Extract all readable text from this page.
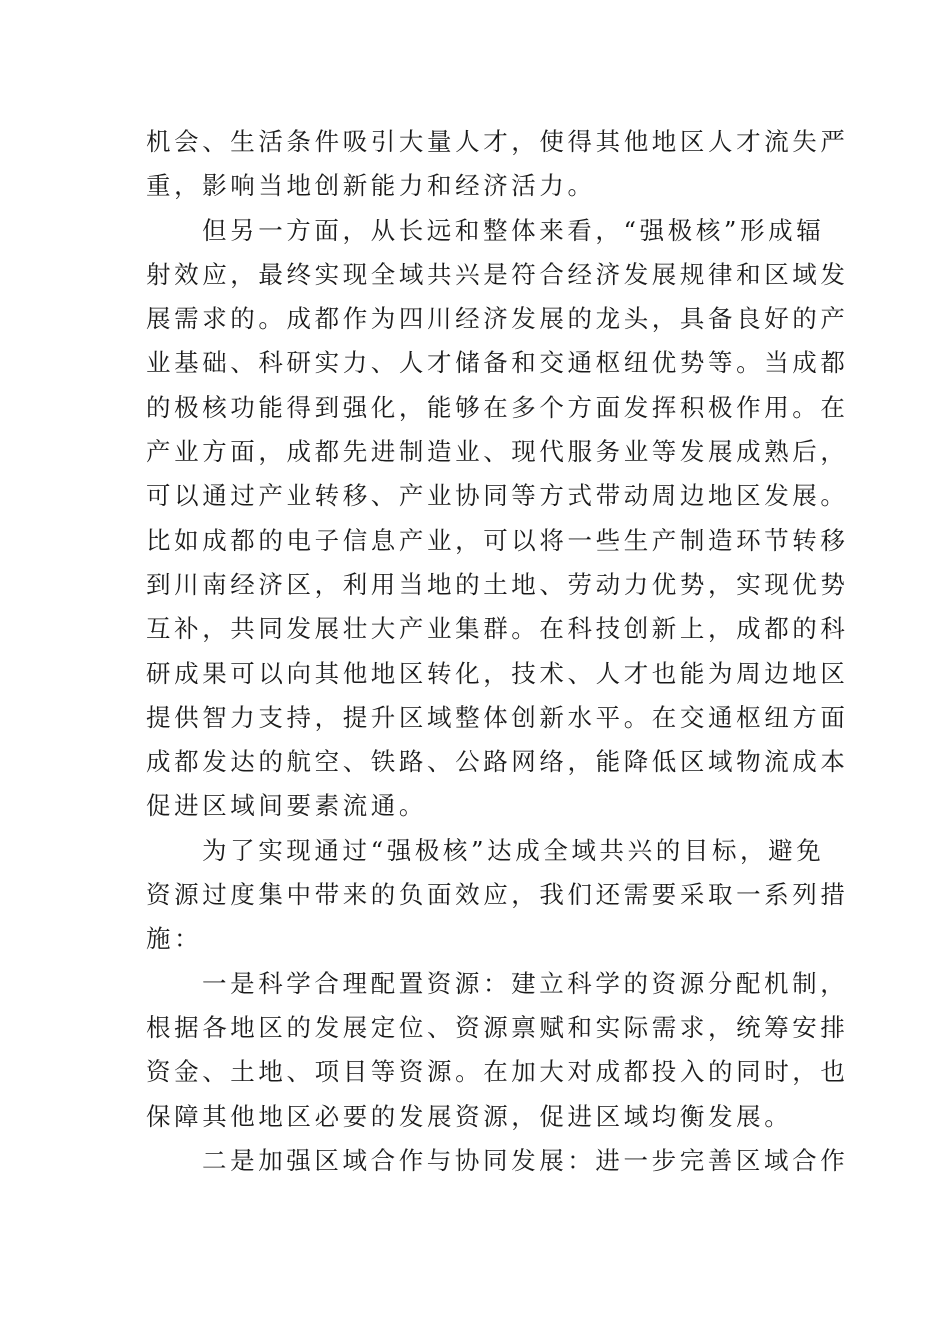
机会、生活条件吸引大量人才，使得其他地区人才流失严
重，影响当地创新能力和经济活力。
但另一方面，从长远和整体来看，“强极核”形成辐
射效应，最终实现全域共兴是符合经济发展规律和区域发
展需求的。成都作为四川经济发展的龙头，具备良好的产
业基础、科研实力、人才储备和交通枢纽优势等。当成都
的极核功能得到强化，能够在多个方面发挥积极作用。在
产业方面，成都先进制造业、现代服务业等发展成熟后，
可以通过产业转移、产业协同等方式带动周边地区发展。
比如成都的电子信息产业，可以将一些生产制造环节转移
到川南经济区，利用当地的土地、劳动力优势，实现优势
互补，共同发展壮大产业集群。在科技创新上，成都的科
研成果可以向其他地区转化，技术、人才也能为周边地区
提供智力支持，提升区域整体创新水平。在交通枢纽方面
成都发达的航空、铁路、公路网络，能降低区域物流成本
促进区域间要素流通。
为了实现通过“强极核”达成全域共兴的目标，避免
资源过度集中带来的负面效应，我们还需要采取一系列措
施：
一是科学合理配置资源：建立科学的资源分配机制，
根据各地区的发展定位、资源禀赋和实际需求，统筹安排
资金、土地、项目等资源。在加大对成都投入的同时，也
保障其他地区必要的发展资源，促进区域均衡发展。
二是加强区域合作与协同发展：进一步完善区域合作
